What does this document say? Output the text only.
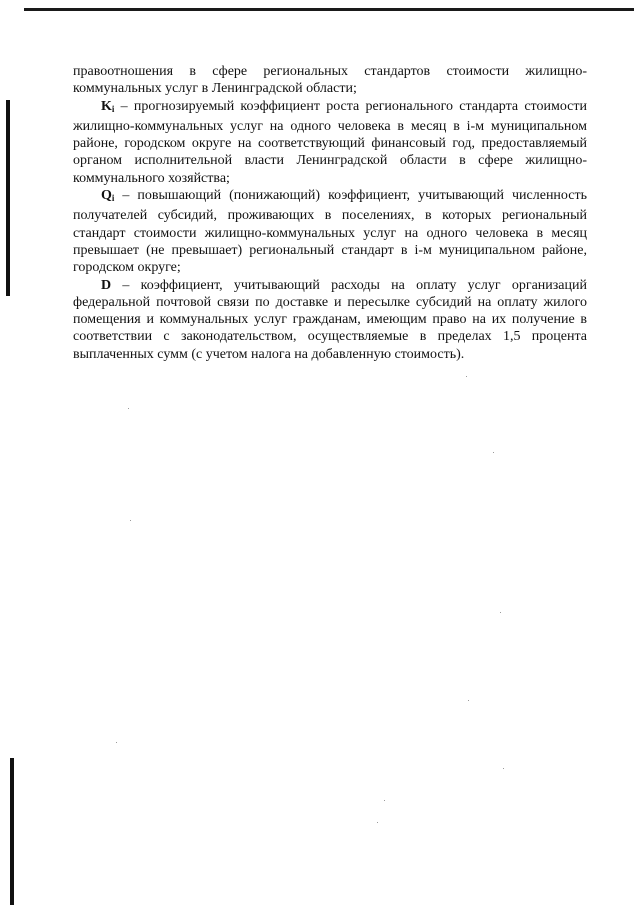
правоотношения в сфере региональных стандартов стоимости жилищно-коммунальных услуг в Ленинградской области;

$K_i$ – прогнозируемый коэффициент роста регионального стандарта стоимости жилищно-коммунальных услуг на одного человека в месяц в i-м муниципальном районе, городском округе на соответствующий финансовый год, предоставляемый органом исполнительной власти Ленинградской области в сфере жилищно-коммунального хозяйства;

$Q_i$ – повышающий (понижающий) коэффициент, учитывающий численность получателей субсидий, проживающих в поселениях, в которых региональный стандарт стоимости жилищно-коммунальных услуг на одного человека в месяц превышает (не превышает) региональный стандарт в i-м муниципальном районе, городском округе;

D – коэффициент, учитывающий расходы на оплату услуг организаций федеральной почтовой связи по доставке и пересылке субсидий на оплату жилого помещения и коммунальных услуг гражданам, имеющим право на их получение в соответствии с законодательством, осуществляемые в пределах 1,5 процента выплаченных сумм (с учетом налога на добавленную стоимость).
